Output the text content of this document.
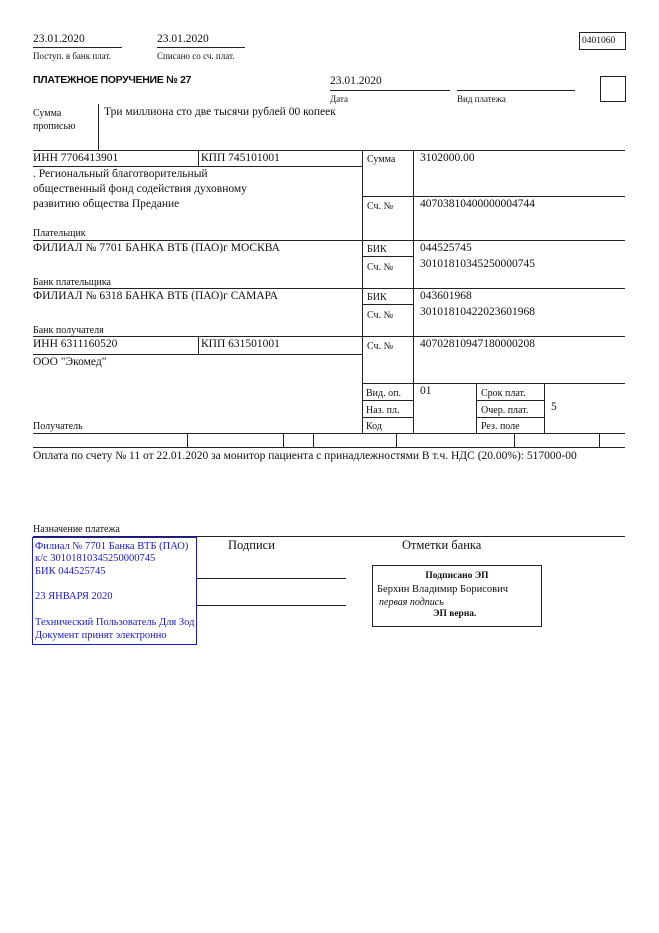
23.01.2020
Поступ. в банк плат.
23.01.2020
Списано со сч. плат.
0401060
ПЛАТЕЖНОЕ ПОРУЧЕНИЕ № 27	23.01.2020
Дата	Вид платежа
Сумма
прописью
Три миллиона сто две тысячи рублей 00 копеек
ИНН 7706413901	КПП 745101001	Сумма 3102000.00
. Региональный благотворительный
общественный фонд содействия духовному
развитию общества Предание	Сч. № 40703810400000004744
Плательщик
ФИЛИАЛ № 7701 БАНКА ВТБ (ПАО)г МОСКВА	БИК	044525745
Сч. № 30101810345250000745
Банк плательщика
ФИЛИАЛ № 6318 БАНКА ВТБ (ПАО)г САМАРА	БИК	043601968
Сч. № 30101810422023601968
Банк получателя
ИНН 6311160520	КПП 631501001	Сч. № 40702810947180000208
ООО "Экомед"
Вид. оп. 01
Наз. пл.
Код
Срок плат.
Очер. плат. 5
Рез. поле
Получатель
Оплата по счету № 11 от 22.01.2020 за монитор пациента с принадлежностями В т.ч. НДС (20.00%): 517000-00
Назначение платежа
Филиал № 7701 Банка ВТБ (ПАО)
к/с 30101810345250000745
БИК 044525745
23 ЯНВАРЯ 2020
Технический Пользователь Для Зод
Документ принят электронно
Подписи	Отметки банка
Подписано ЭП
Берхин Владимир Борисович
первая подпись
ЭП верна.
